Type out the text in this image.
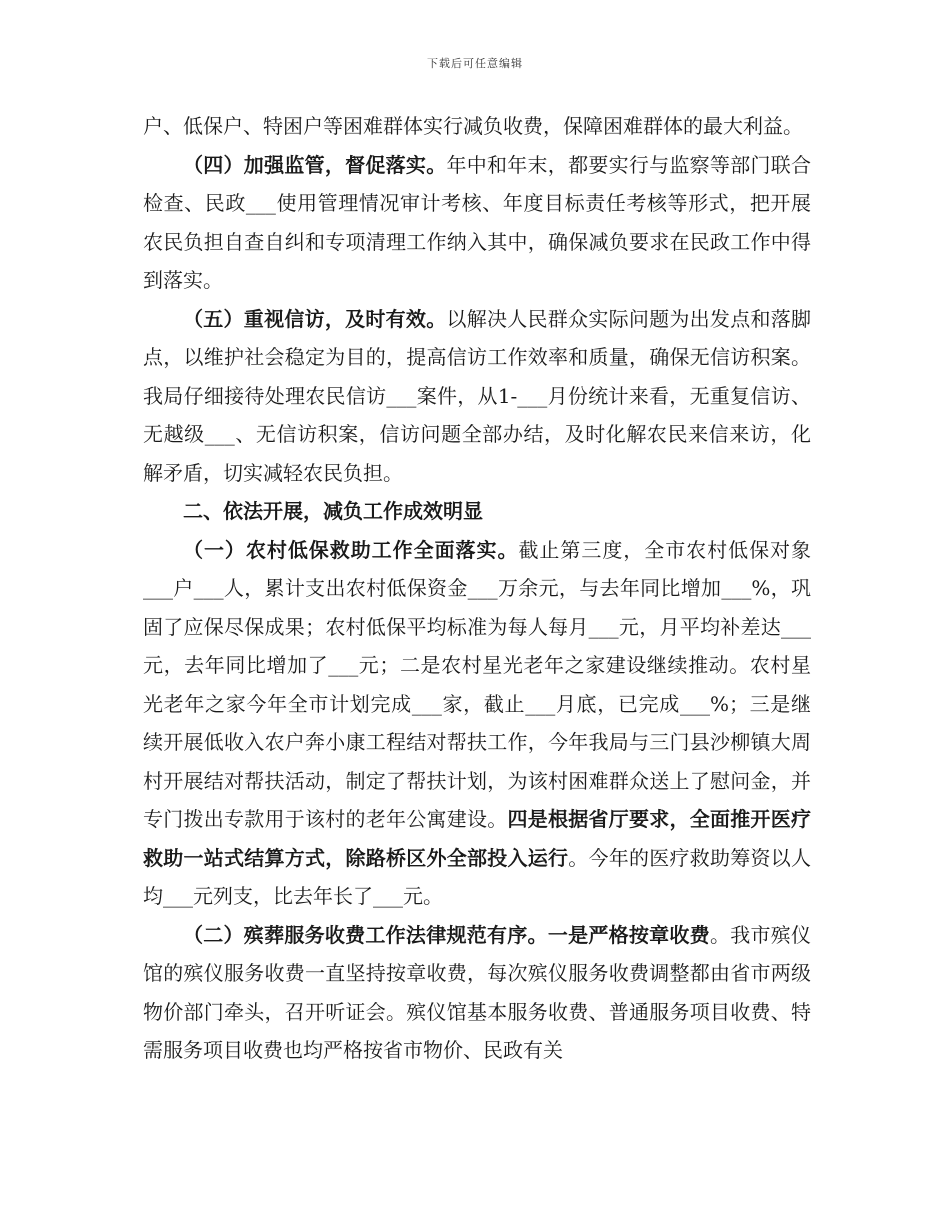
下载后可任意编辑

户、低保户、特困户等困难群体实行减负收费，保障困难群体的最大利益。

（四）加强监管，督促落实。年中和年末，都要实行与监察等部门联合检查、民政___使用管理情况审计考核、年度目标责任考核等形式，把开展农民负担自查自纠和专项清理工作纳入其中，确保减负要求在民政工作中得到落实。

（五）重视信访，及时有效。以解决人民群众实际问题为出发点和落脚点，以维护社会稳定为目的，提高信访工作效率和质量，确保无信访积案。我局仔细接待处理农民信访___案件，从1-___月份统计来看，无重复信访、无越级___、无信访积案，信访问题全部办结，及时化解农民来信来访，化解矛盾，切实减轻农民负担。

二、依法开展，减负工作成效明显

（一）农村低保救助工作全面落实。截止第三度，全市农村低保对象___户___人，累计支出农村低保资金___万余元，与去年同比增加___%，巩固了应保尽保成果；农村低保平均标准为每人每月___元，月平均补差达___元，去年同比增加了___元；二是农村星光老年之家建设继续推动。农村星光老年之家今年全市计划完成___家，截止___月底，已完成___%；三是继续开展低收入农户奔小康工程结对帮扶工作，今年我局与三门县沙柳镇大周村开展结对帮扶活动，制定了帮扶计划，为该村困难群众送上了慰问金，并专门拨出专款用于该村的老年公寓建设。四是根据省厅要求，全面推开医疗救助一站式结算方式，除路桥区外全部投入运行。今年的医疗救助筹资以人均___元列支，比去年长了___元。

（二）殡葬服务收费工作法律规范有序。一是严格按章收费。我市殡仪馆的殡仪服务收费一直坚持按章收费，每次殡仪服务收费调整都由省市两级物价部门牵头，召开听证会。殡仪馆基本服务收费、普通服务项目收费、特需服务项目收费也均严格按省市物价、民政有关
